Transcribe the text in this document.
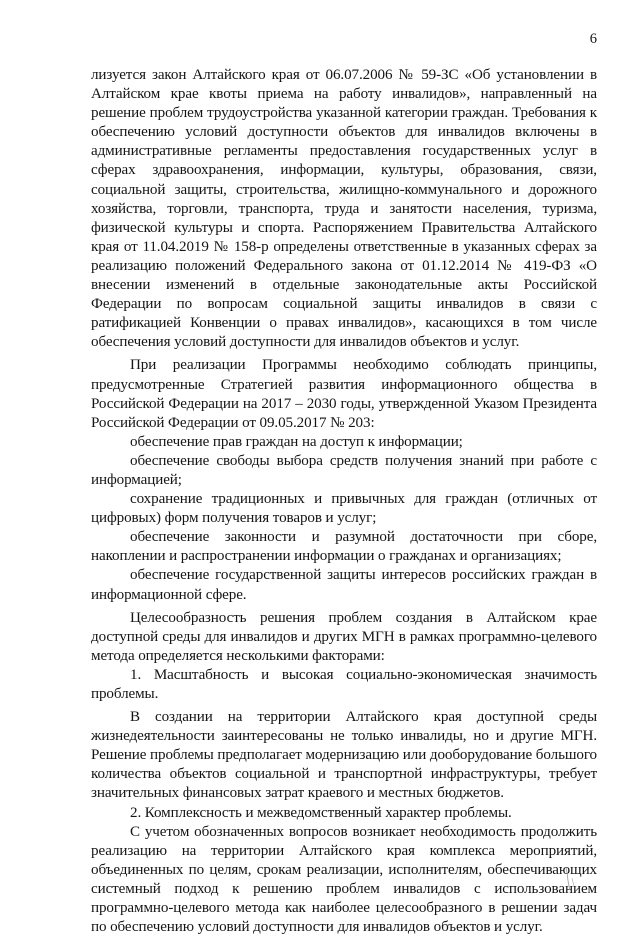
6

лизуется закон Алтайского края от 06.07.2006 № 59-ЗС «Об установлении в Алтайском крае квоты приема на работу инвалидов», направленный на решение проблем трудоустройства указанной категории граждан. Требования к обеспечению условий доступности объектов для инвалидов включены в административные регламенты предоставления государственных услуг в сферах здравоохранения, информации, культуры, образования, связи, социальной защиты, строительства, жилищно-коммунального и дорожного хозяйства, торговли, транспорта, труда и занятости населения, туризма, физической культуры и спорта. Распоряжением Правительства Алтайского края от 11.04.2019 № 158-р определены ответственные в указанных сферах за реализацию положений Федерального закона от 01.12.2014 № 419-ФЗ «О внесении изменений в отдельные законодательные акты Российской Федерации по вопросам социальной защиты инвалидов в связи с ратификацией Конвенции о правах инвалидов», касающихся в том числе обеспечения условий доступности для инвалидов объектов и услуг.

При реализации Программы необходимо соблюдать принципы, предусмотренные Стратегией развития информационного общества в Российской Федерации на 2017 – 2030 годы, утвержденной Указом Президента Российской Федерации от 09.05.2017 № 203:

обеспечение прав граждан на доступ к информации;

обеспечение свободы выбора средств получения знаний при работе с информацией;

сохранение традиционных и привычных для граждан (отличных от цифровых) форм получения товаров и услуг;

обеспечение законности и разумной достаточности при сборе, накоплении и распространении информации о гражданах и организациях;

обеспечение государственной защиты интересов российских граждан в информационной сфере.

Целесообразность решения проблем создания в Алтайском крае доступной среды для инвалидов и других МГН в рамках программно-целевого метода определяется несколькими факторами:

1. Масштабность и высокая социально-экономическая значимость проблемы.

В создании на территории Алтайского края доступной среды жизнедеятельности заинтересованы не только инвалиды, но и другие МГН. Решение проблемы предполагает модернизацию или дооборудование большого количества объектов социальной и транспортной инфраструктуры, требует значительных финансовых затрат краевого и местных бюджетов.

2. Комплексность и межведомственный характер проблемы.

С учетом обозначенных вопросов возникает необходимость продолжить реализацию на территории Алтайского края комплекса мероприятий, объединенных по целям, срокам реализации, исполнителям, обеспечивающих системный подход к решению проблем инвалидов с использованием программно-целевого метода как наиболее целесообразного в решении задач по обеспечению условий доступности для инвалидов объектов и услуг.
